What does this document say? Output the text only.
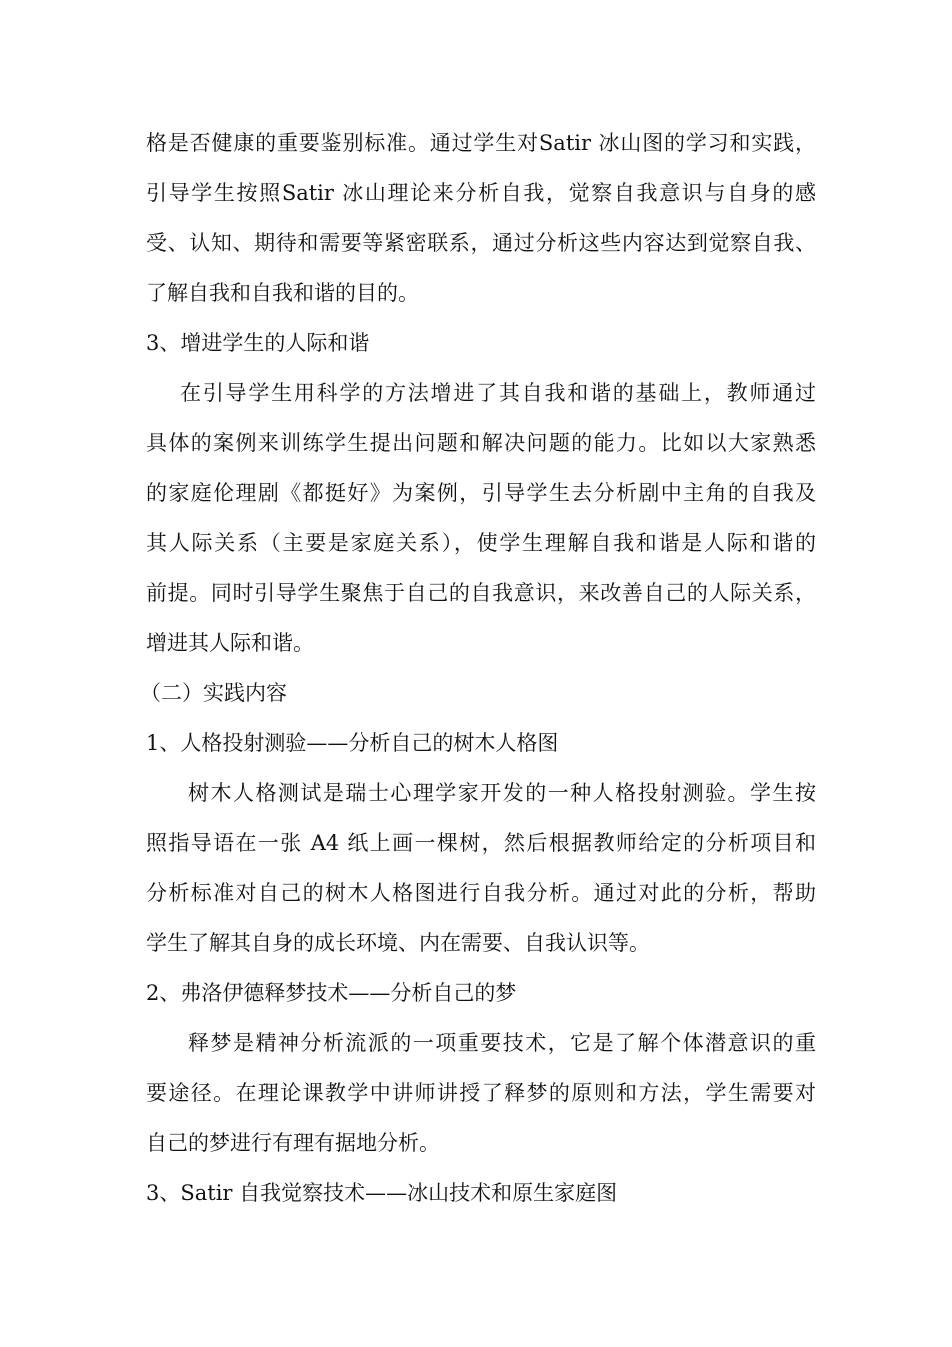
格是否健康的重要鉴别标准。通过学生对Satir 冰山图的学习和实践，
引导学生按照Satir 冰山理论来分析自我，觉察自我意识与自身的感
受、认知、期待和需要等紧密联系，通过分析这些内容达到觉察自我、
了解自我和自我和谐的目的。
3、增进学生的人际和谐
在引导学生用科学的方法增进了其自我和谐的基础上，教师通过
具体的案例来训练学生提出问题和解决问题的能力。比如以大家熟悉
的家庭伦理剧《都挺好》为案例，引导学生去分析剧中主角的自我及
其人际关系（主要是家庭关系），使学生理解自我和谐是人际和谐的
前提。同时引导学生聚焦于自己的自我意识，来改善自己的人际关系，
增进其人际和谐。
（二）实践内容
1、人格投射测验——分析自己的树木人格图
树木人格测试是瑞士心理学家开发的一种人格投射测验。学生按
照指导语在一张 A4 纸上画一棵树，然后根据教师给定的分析项目和
分析标准对自己的树木人格图进行自我分析。通过对此的分析，帮助
学生了解其自身的成长环境、内在需要、自我认识等。
2、弗洛伊德释梦技术——分析自己的梦
释梦是精神分析流派的一项重要技术，它是了解个体潜意识的重
要途径。在理论课教学中讲师讲授了释梦的原则和方法，学生需要对
自己的梦进行有理有据地分析。
3、Satir 自我觉察技术——冰山技术和原生家庭图
